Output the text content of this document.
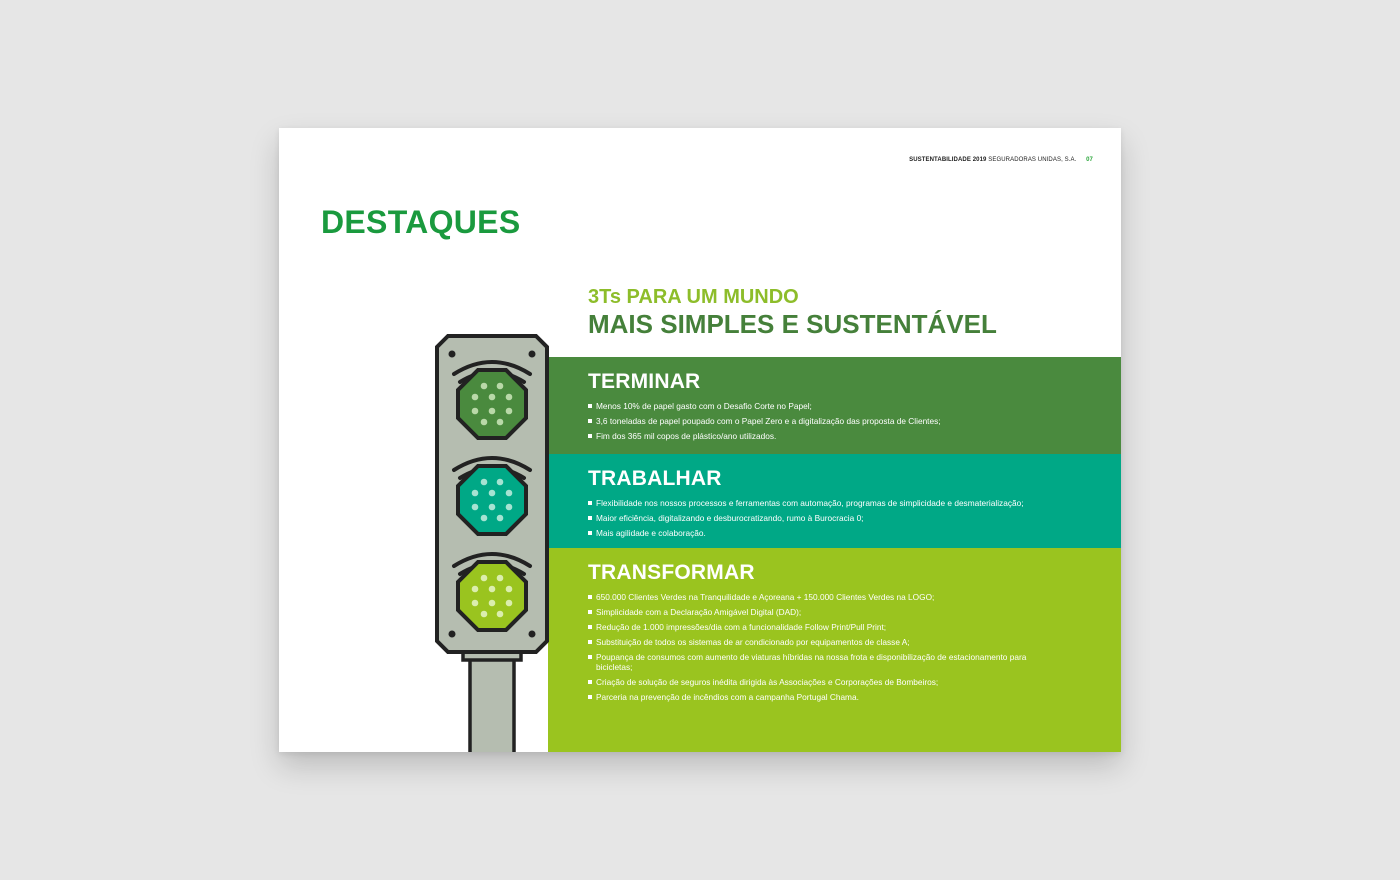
SUSTENTABILIDADE 2019 SEGURADORAS UNIDAS, S.A. 07
DESTAQUES
3Ts PARA UM MUNDO
MAIS SIMPLES E SUSTENTÁVEL
TERMINAR
Menos 10% de papel gasto com o Desafio Corte no Papel;
3,6 toneladas de papel poupado com o Papel Zero e a digitalização das proposta de Clientes;
Fim dos 365 mil copos de plástico/ano utilizados.
TRABALHAR
Flexibilidade nos nossos processos e ferramentas com automação, programas de simplicidade e desmaterialização;
Maior eficiência, digitalizando e desburocratizando, rumo à Burocracia 0;
Mais agilidade e colaboração.
TRANSFORMAR
650.000 Clientes Verdes na Tranquilidade e Açoreana + 150.000 Clientes Verdes na LOGO;
Simplicidade com a Declaração Amigável Digital (DAD);
Redução de 1.000 impressões/dia com a funcionalidade Follow Print/Pull Print;
Substituição de todos os sistemas de ar condicionado por equipamentos de classe A;
Poupança de consumos com aumento de viaturas híbridas na nossa frota e disponibilização de estacionamento para bicicletas;
Criação de solução de seguros inédita dirigida às Associações e Corporações de Bombeiros;
Parceria na prevenção de incêndios com a campanha Portugal Chama.
